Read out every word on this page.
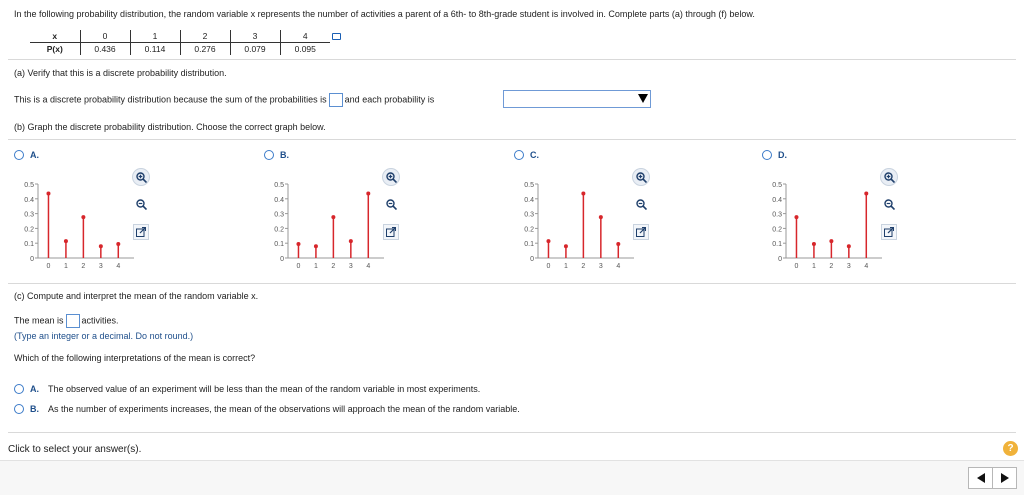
In the following probability distribution, the random variable x represents the number of activities a parent of a 6th- to 8th-grade student is involved in. Complete parts (a) through (f) below.
x	0	1	2	3	4
P(x)	0.436	0.114	0.276	0.079	0.095
(a) Verify that this is a discrete probability distribution.
This is a discrete probability distribution because the sum of the probabilities is and each probability is
(b) Graph the discrete probability distribution. Choose the correct graph below.
A.
0
0.1
0.2
0.3
0.4
0.5
0 1 2 3 4
B.
0
0.1
0.2
0.3
0.4
0.5
0 1 2 3 4
C.
0
0.1
0.2
0.3
0.4
0.5
0 1 2 3 4
D.
0
0.1
0.2
0.3
0.4
0.5
0 1 2 3 4
(c) Compute and interpret the mean of the random variable x.
The mean is activities.
(Type an integer or a decimal. Do not round.)
Which of the following interpretations of the mean is correct?
A. The observed value of an experiment will be less than the mean of the random variable in most experiments.
B. As the number of experiments increases, the mean of the observations will approach the mean of the random variable.
Click to select your answer(s).	?
